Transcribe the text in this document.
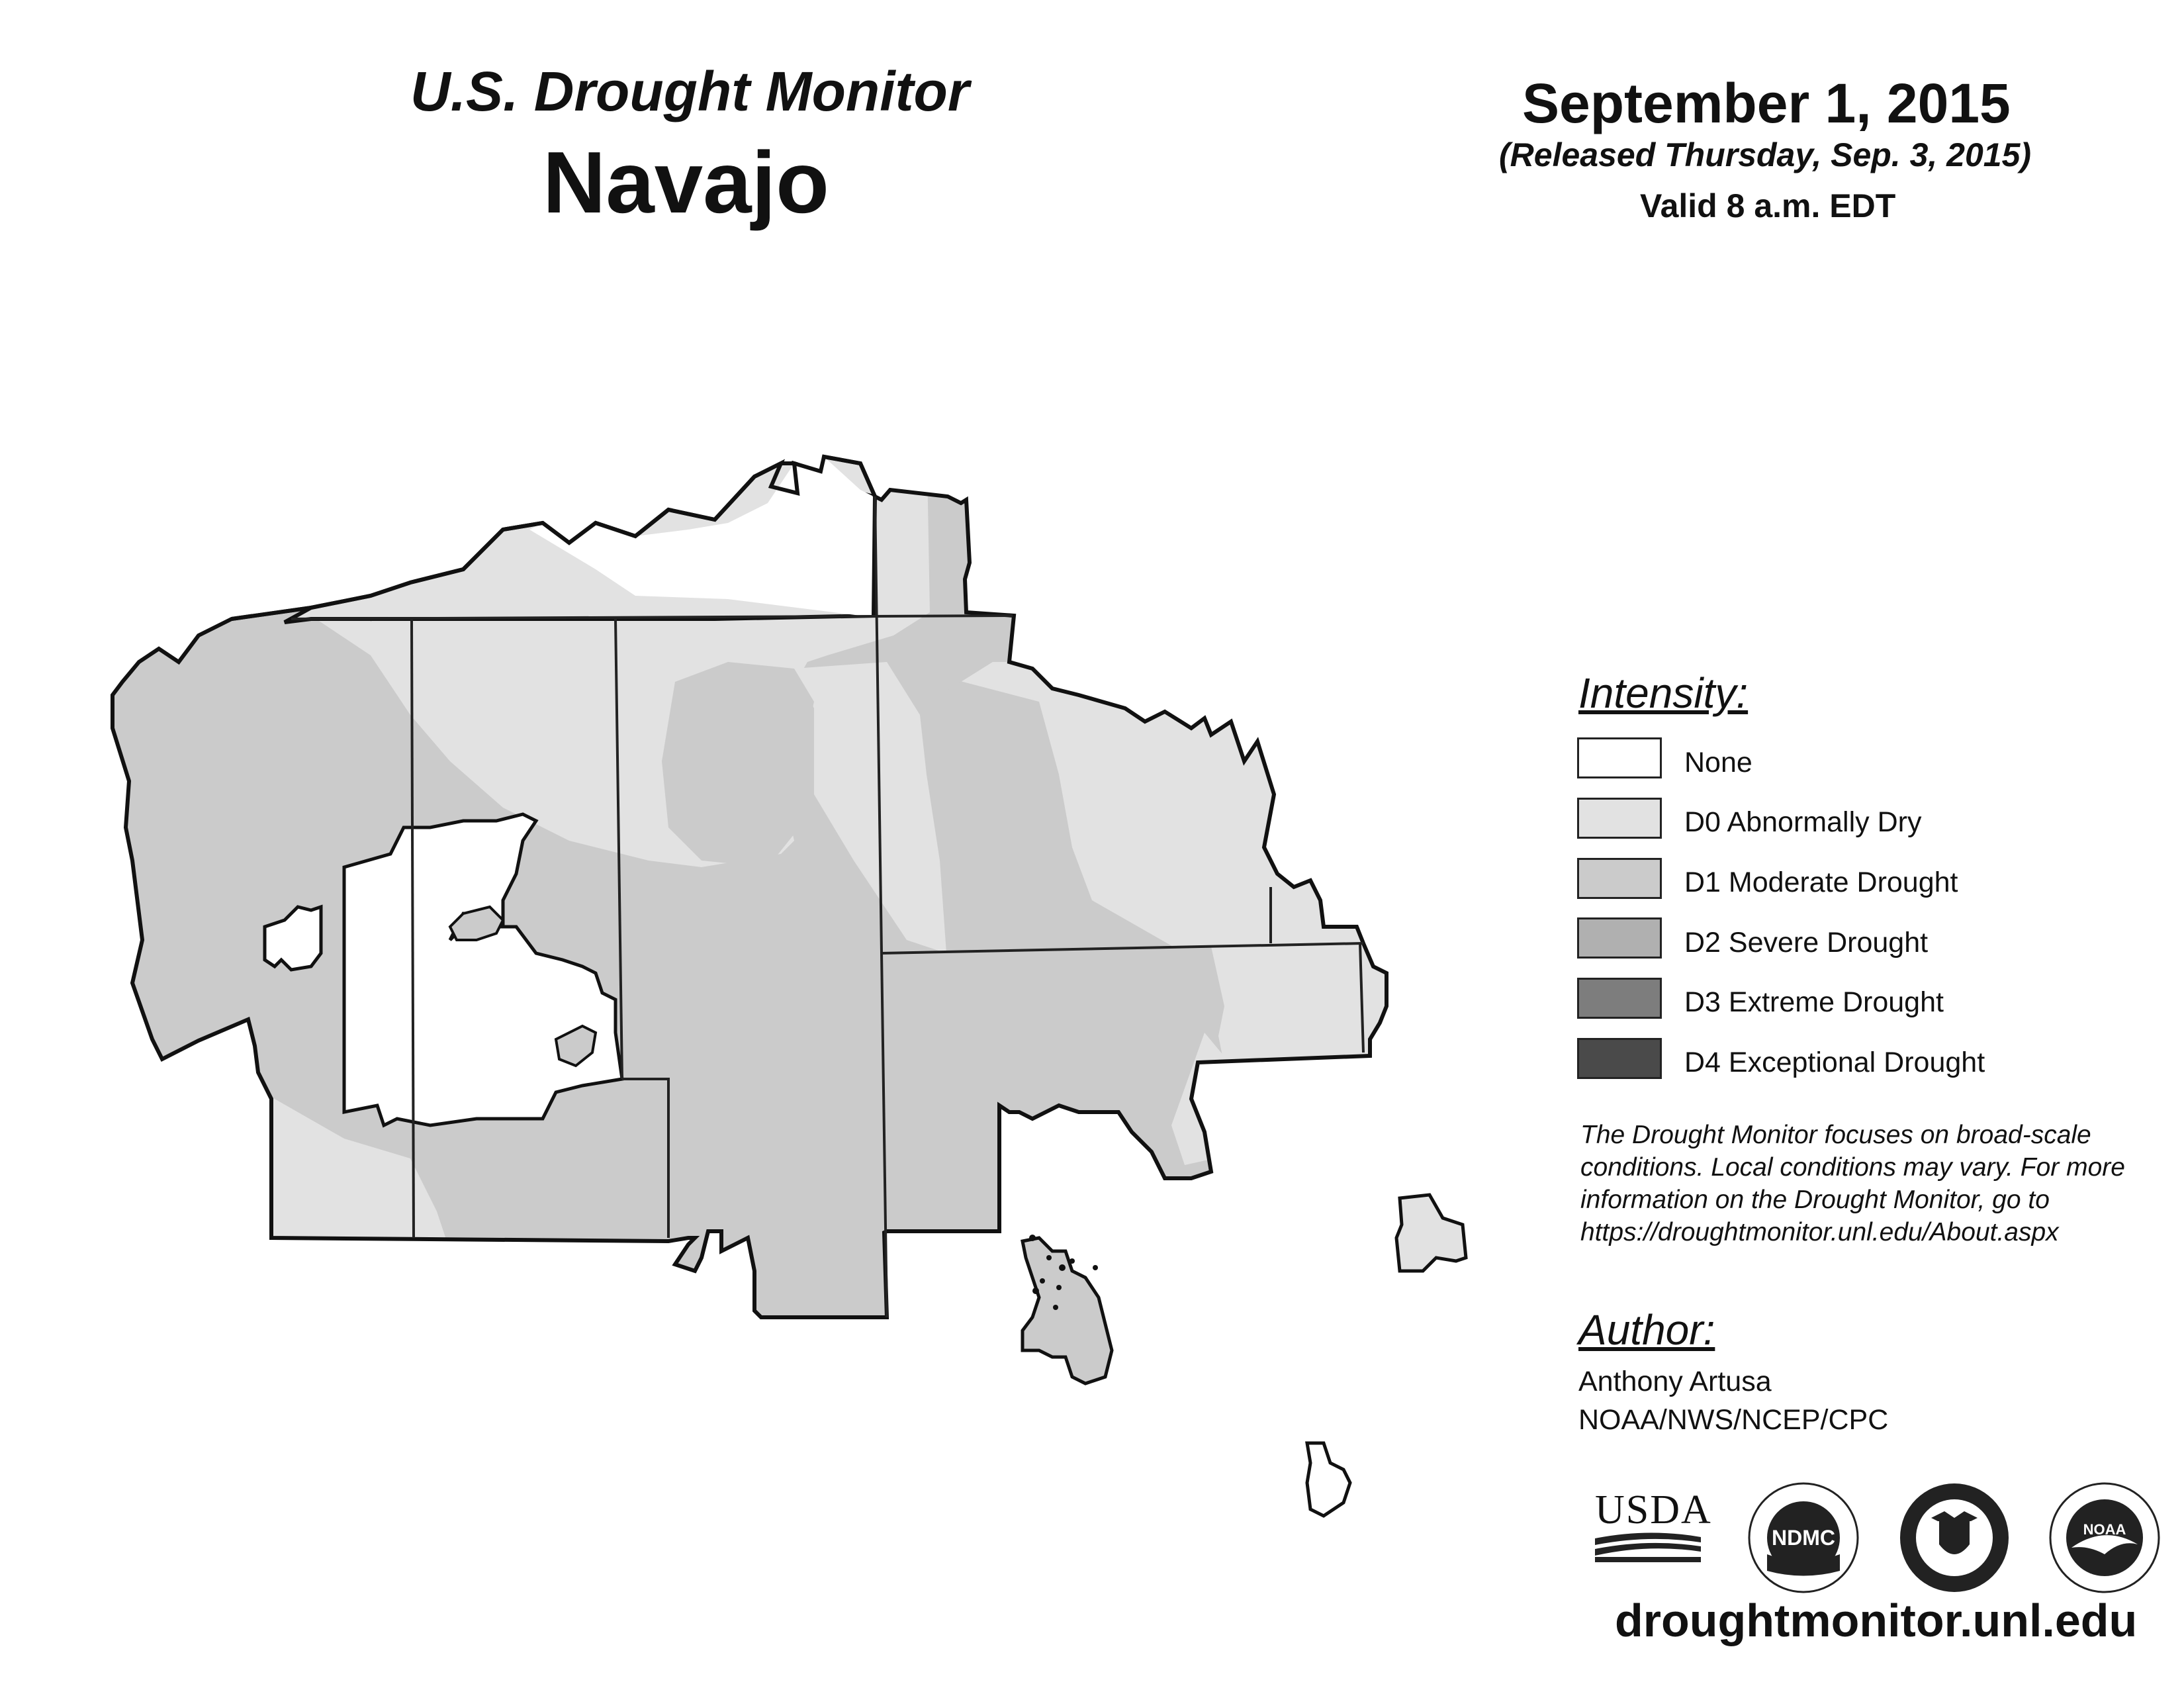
U.S. Drought Monitor
Navajo
September 1, 2015
(Released Thursday, Sep. 3, 2015)
Valid 8 a.m. EDT
Intensity:
None
D0 Abnormally Dry
D1 Moderate Drought
D2 Severe Drought
D3 Extreme Drought
D4 Exceptional Drought
The Drought Monitor focuses on broad-scale conditions. Local conditions may vary. For more information on the Drought Monitor, go to https://droughtmonitor.unl.edu/About.aspx
Author:
Anthony Artusa
NOAA/NWS/NCEP/CPC
USDA
NDMC	NOAA
droughtmonitor.unl.edu
